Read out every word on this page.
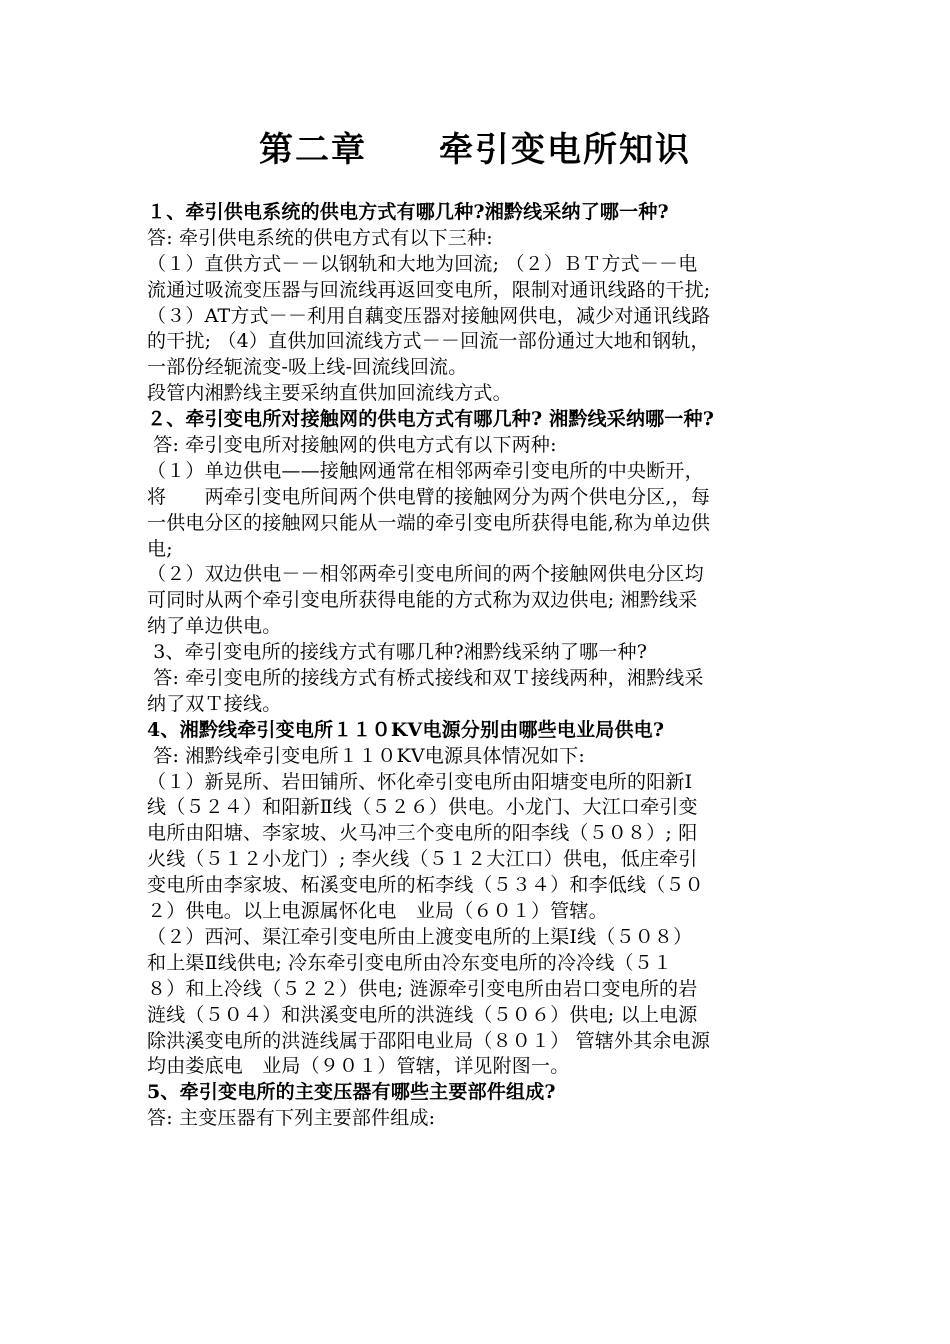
第二章　　牵引变电所知识
１、牵引供电系统的供电方式有哪几种?湘黔线采纳了哪一种?
答: 牵引供电系统的供电方式有以下三种:
（１）直供方式－－以钢轨和大地为回流; （２）ＢＴ方式－－电
流通过吸流变压器与回流线再返回变电所，限制对通讯线路的干扰;
（３）AT方式－－利用自藕变压器对接触网供电，减少对通讯线路
的干扰; （4）直供加回流线方式－－回流一部份通过大地和钢轨，
一部份经轭流变-吸上线-回流线回流。
段管内湘黔线主要采纳直供加回流线方式。
２、牵引变电所对接触网的供电方式有哪几种? 湘黔线采纳哪一种?
答: 牵引变电所对接触网的供电方式有以下两种:
（１）单边供电——接触网通常在相邻两牵引变电所的中央断开，
将　　两牵引变电所间两个供电臂的接触网分为两个供电分区,，每
一供电分区的接触网只能从一端的牵引变电所获得电能,称为单边供
电;
（２）双边供电－－相邻两牵引变电所间的两个接触网供电分区均
可同时从两个牵引变电所获得电能的方式称为双边供电; 湘黔线采
纳了单边供电。
3、牵引变电所的接线方式有哪几种?湘黔线采纳了哪一种?
答: 牵引变电所的接线方式有桥式接线和双Ｔ接线两种，湘黔线采
纳了双Ｔ接线。
4、湘黔线牵引变电所１１０KV电源分别由哪些电业局供电?
答: 湘黔线牵引变电所１１０KV电源具体情况如下:
（１）新晃所、岩田铺所、怀化牵引变电所由阳塘变电所的阳新Ⅰ
线（５２４）和阳新Ⅱ线（５２６）供电。小龙门、大江口牵引变
电所由阳塘、李家坡、火马冲三个变电所的阳李线（５０８）; 阳
火线（５１２小龙门）; 李火线（５１２大江口）供电，低庄牵引
变电所由李家坡、柘溪变电所的柘李线（５３４）和李低线（５０
２）供电。以上电源属怀化电　业局（６０１）管辖。
（２）西河、渠江牵引变电所由上渡变电所的上渠Ⅰ线（５０８）
和上渠Ⅱ线供电; 冷东牵引变电所由冷东变电所的冷冷线（５１
８）和上冷线（５２２）供电; 涟源牵引变电所由岩口变电所的岩
涟线（５０４）和洪溪变电所的洪涟线（５０６）供电; 以上电源
除洪溪变电所的洪涟线属于邵阳电业局（８０１） 管辖外其余电源
均由娄底电　业局（９０１）管辖，详见附图一。
5、牵引变电所的主变压器有哪些主要部件组成?
答: 主变压器有下列主要部件组成:
